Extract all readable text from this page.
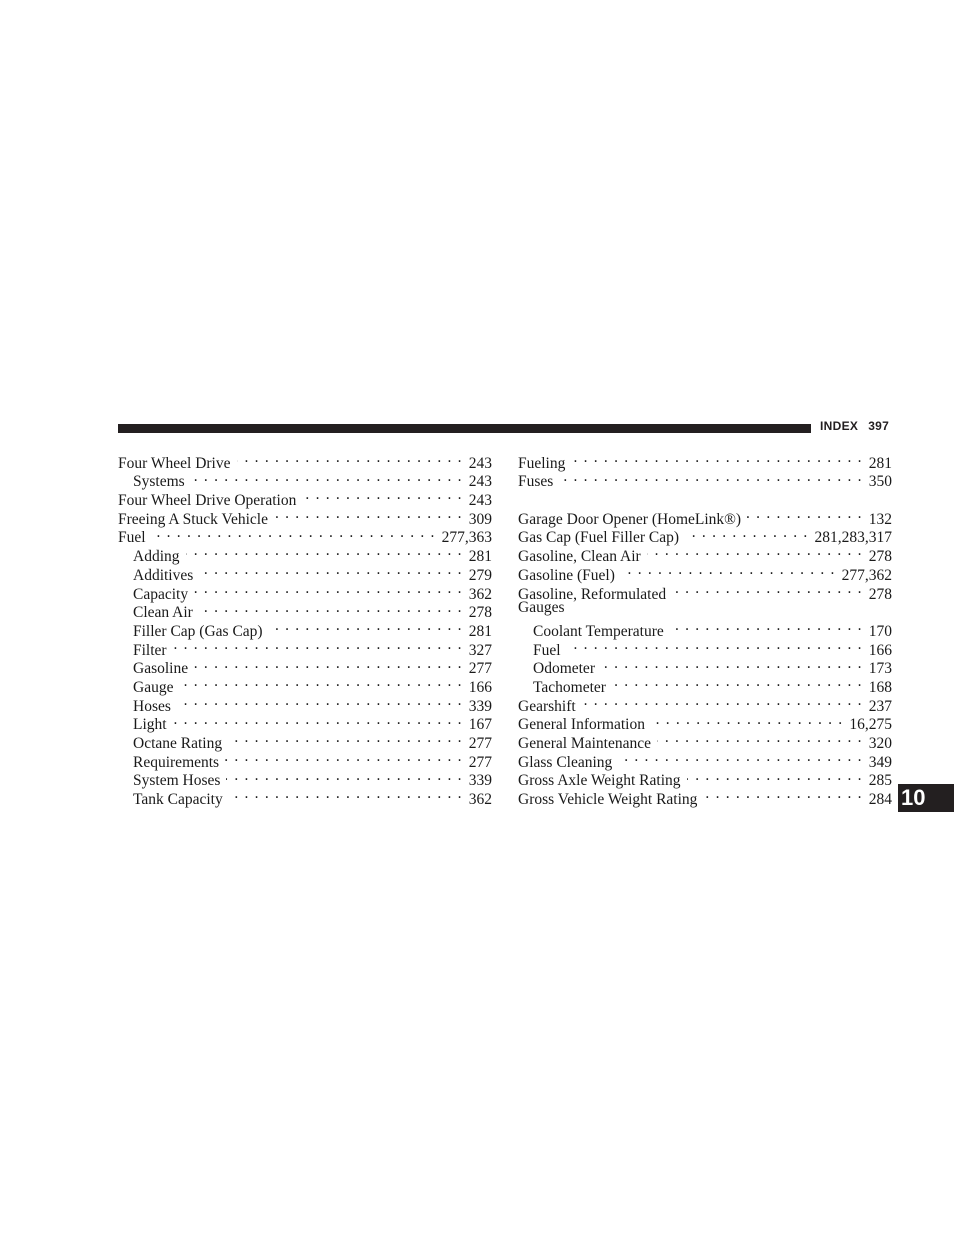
INDEX 397
Four Wheel Drive . . .	243
Systems . . .	243
Four Wheel Drive Operation . . .	243
Freeing A Stuck Vehicle . . .	309
Fuel . . .	277,363
Adding . . .	281
Additives . . .	279
Capacity . . .	362
Clean Air . . .	278
Filler Cap (Gas Cap) . . .	281
Filter . . .	327
Gasoline . . .	277
Gauge . . .	166
Hoses . . .	339
Light . . .	167
Octane Rating . . .	277
Requirements . . .	277
System Hoses . . .	339
Tank Capacity . . .	362
Fueling . . .	281
Fuses . . .	350
Garage Door Opener (HomeLink®) . . .	132
Gas Cap (Fuel Filler Cap) . . .	281,283,317
Gasoline, Clean Air . . .	278
Gasoline (Fuel) . . .	277,362
Gasoline, Reformulated . . .	278
Gauges
Coolant Temperature . . .	170
Fuel . . .	166
Odometer . . .	173
Tachometer . . .	168
Gearshift . . .	237
General Information . . .	16,275
General Maintenance . . .	320
Glass Cleaning . . .	349
Gross Axle Weight Rating . . .	285
Gross Vehicle Weight Rating . . .	284 10
